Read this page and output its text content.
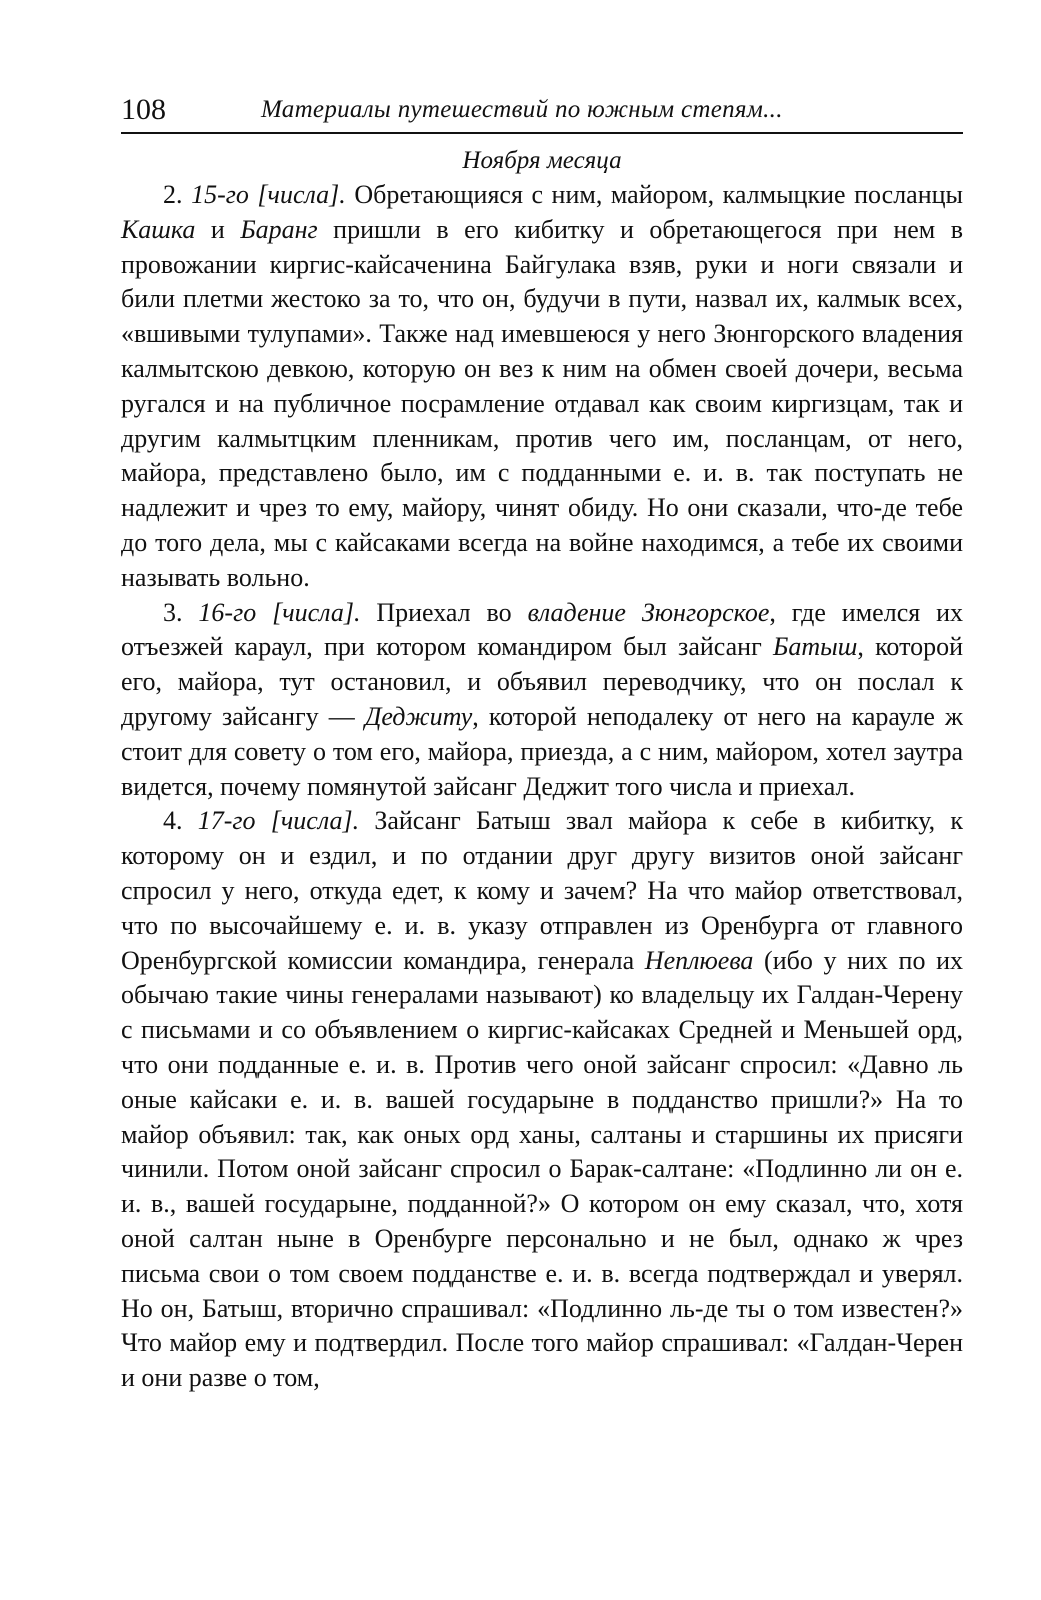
108	Материалы путешествий по южным степям...

Ноября месяца

2. 15-го [числа]. Обретающияся с ним, майором, калмыцкие посланцы Кашка и Баранг пришли в его кибитку и обретающегося при нем в провожании киргис-кайсаченина Байгулака взяв, руки и ноги связали и били плетми жестоко за то, что он, будучи в пути, назвал их, калмык всех, «вшивыми тулупами». Также над имевшеюся у него Зюнгорского владения калмытскою девкою, которую он вез к ним на обмен своей дочери, весьма ругался и на публичное посрамление отдавал как своим киргизцам, так и другим калмытцким пленникам, против чего им, посланцам, от него, майора, представлено было, им с подданными е. и. в. так поступать не надлежит и чрез то ему, майору, чинят обиду. Но они сказали, что-де тебе до того дела, мы с кайсаками всегда на войне находимся, а тебе их своими называть вольно.

3. 16-го [числа]. Приехал во владение Зюнгорское, где имелся их отъезжей караул, при котором командиром был зайсанг Батыш, которой его, майора, тут остановил, и объявил переводчику, что он послал к другому зайсангу — Деджиту, которой неподалеку от него на карауле ж стоит для совету о том его, майора, приезда, а с ним, майором, хотел заутра видется, почему помянутой зайсанг Деджит того числа и приехал.

4. 17-го [числа]. Зайсанг Батыш звал майора к себе в кибитку, к которому он и ездил, и по отдании друг другу визитов оной зайсанг спросил у него, откуда едет, к кому и зачем? На что майор ответствовал, что по высочайшему е. и. в. указу отправлен из Оренбурга от главного Оренбургской комиссии командира, генерала Неплюева (ибо у них по их обычаю такие чины генералами называют) ко владельцу их Галдан-Черену с письмами и со объявлением о киргис-кайсаках Средней и Меньшей орд, что они подданные е. и. в. Против чего оной зайсанг спросил: «Давно ль оные кайсаки е. и. в. вашей государыне в подданство пришли?» На то майор объявил: так, как оных орд ханы, салтаны и старшины их присяги чинили. Потом оной зайсанг спросил о Барак-салтане: «Подлинно ли он е. и. в., вашей государыне, подданной?» О котором он ему сказал, что, хотя оной салтан ныне в Оренбурге персонально и не был, однако ж чрез письма свои о том своем подданстве е. и. в. всегда подтверждал и уверял. Но он, Батыш, вторично спрашивал: «Подлинно ль-де ты о том известен?» Что майор ему и подтвердил. После того майор спрашивал: «Галдан-Черен и они разве о том,
